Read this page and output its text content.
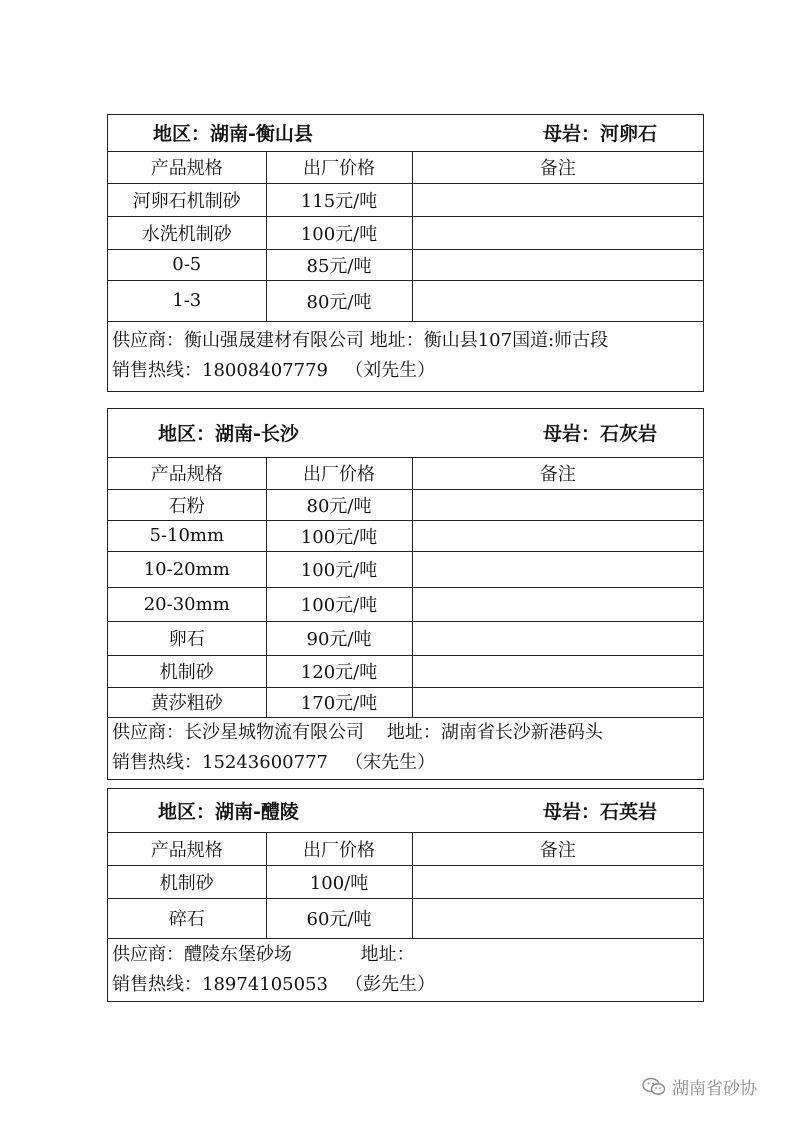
地区：湖南-衡山县		母岩：河卵石
产品规格	出厂价格	备注
河卵石机制砂	115元/吨	
水洗机制砂	100元/吨	
0-5	85元/吨	
1-3	80元/吨	

供应商：衡山强晟建材有限公司 地址：衡山县107国道:师古段
销售热线：18008407779   （刘先生）		
地区：湖南-长沙		母岩：石灰岩
产品规格	出厂价格	备注
石粉	80元/吨	
5-10mm	100元/吨	
10-20mm	100元/吨	
20-30mm	100元/吨	
卵石	90元/吨	
机制砂	120元/吨	
黄莎粗砂	170元/吨	

供应商：长沙星城物流有限公司    地址：湖南省长沙新港码头
销售热线：15243600777   （宋先生）		
地区：湖南-醴陵		母岩：石英岩
产品规格	出厂价格	备注
机制砂	100/吨	
碎石	60元/吨	

供应商：醴陵东堡砂场            地址：
销售热线：18974105053   （彭先生）		
湖南省砂协
